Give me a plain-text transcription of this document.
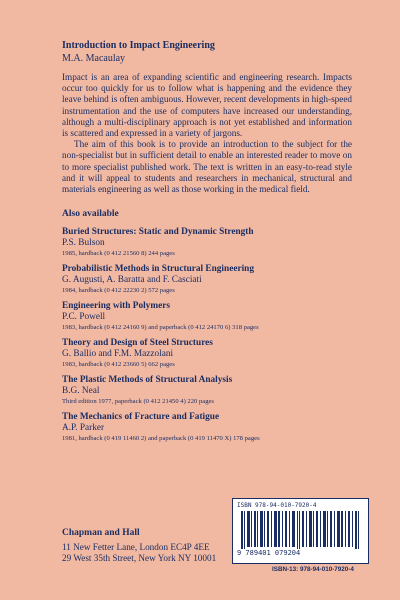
Introduction to Impact Engineering
M.A. Macaulay

Impact is an area of expanding scientific and engineering research. Impacts occur too quickly for us to follow what is happening and the evidence they leave behind is often ambiguous. However, recent developments in high-speed instrumentation and the use of computers have increased our understanding, although a multi-disciplinary approach is not yet established and information is scattered and expressed in a variety of jargons.

The aim of this book is to provide an introduction to the subject for the non-specialist but in sufficient detail to enable an interested reader to move on to more specialist published work. The text is written in an easy-to-read style and it will appeal to students and researchers in mechanical, structural and materials engineering as well as those working in the medical field.

Also available
Buried Structures: Static and Dynamic Strength
P.S. Bulson
1985, hardback (0 412 21560 8) 244 pages
Probabilistic Methods in Structural Engineering
G. Augusti, A. Baratta and F. Casciati
1984, hardback (0 412 22230 2) 572 pages
Engineering with Polymers
P.C. Powell
1983, hardback (0 412 24160 9) and paperback (0 412 24170 6) 318 pages
Theory and Design of Steel Structures
G. Ballio and F.M. Mazzolani
1983, hardback (0 412 23660 5) 662 pages
The Plastic Methods of Structural Analysis
B.G. Neal
Third edition 1977, paperback (0 412 21450 4) 220 pages
The Mechanics of Fracture and Fatigue
A.P. Parker
1981, hardback (0 419 11460 2) and paperback (0 419 11470 X) 178 pages
Chapman and Hall
11 New Fetter Lane, London EC4P 4EE
29 West 35th Street, New York NY 10001
ISBN 978-94-010-7920-4
9 789401 079204
ISBN-13: 978-94-010-7920-4
